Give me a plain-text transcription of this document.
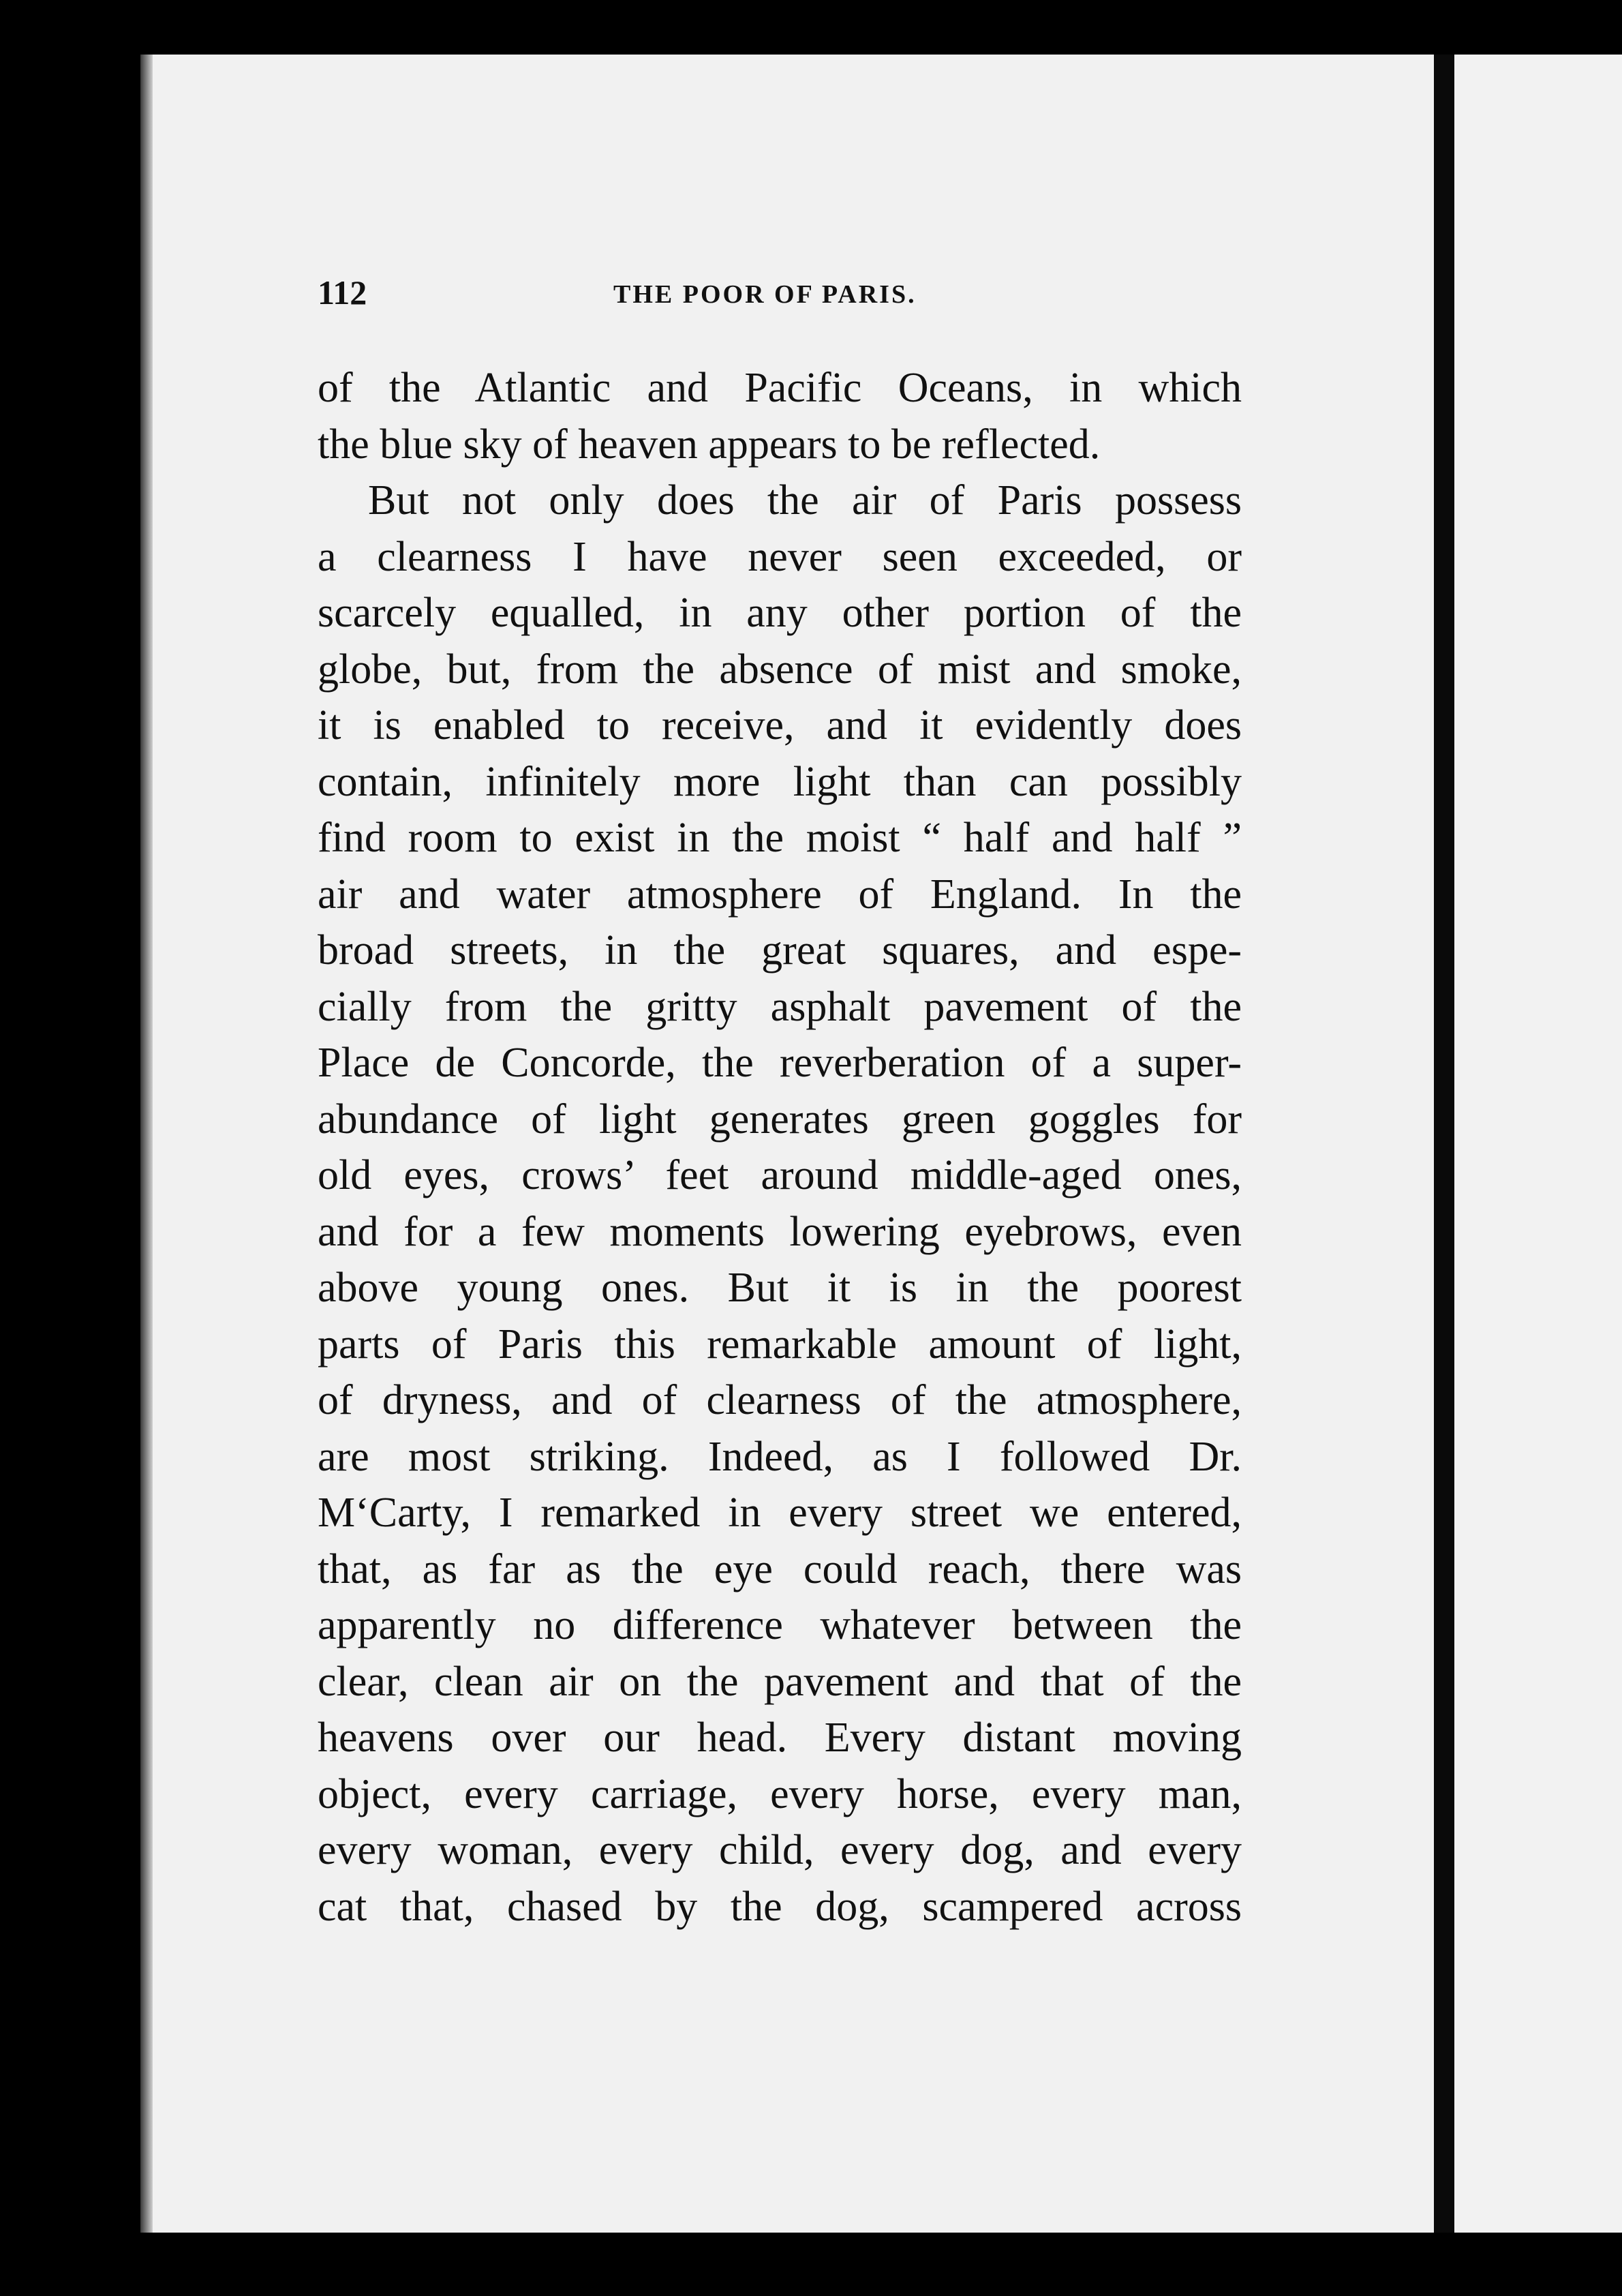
112	THE POOR OF PARIS.
of the Atlantic and Pacific Oceans, in which
the blue sky of heaven appears to be reflected.
But not only does the air of Paris possess
a clearness I have never seen exceeded, or
scarcely equalled, in any other portion of the
globe, but, from the absence of mist and smoke,
it is enabled to receive, and it evidently does
contain, infinitely more light than can possibly
find room to exist in the moist “ half and half ”
air and water atmosphere of England. In the
broad streets, in the great squares, and espe-
cially from the gritty asphalt pavement of the
Place de Concorde, the reverberation of a super-
abundance of light generates green goggles for
old eyes, crows’ feet around middle-aged ones,
and for a few moments lowering eyebrows, even
above young ones. But it is in the poorest
parts of Paris this remarkable amount of light,
of dryness, and of clearness of the atmosphere,
are most striking. Indeed, as I followed Dr.
M‘Carty, I remarked in every street we entered,
that, as far as the eye could reach, there was
apparently no difference whatever between the
clear, clean air on the pavement and that of the
heavens over our head. Every distant moving
object, every carriage, every horse, every man,
every woman, every child, every dog, and every
cat that, chased by the dog, scampered across
